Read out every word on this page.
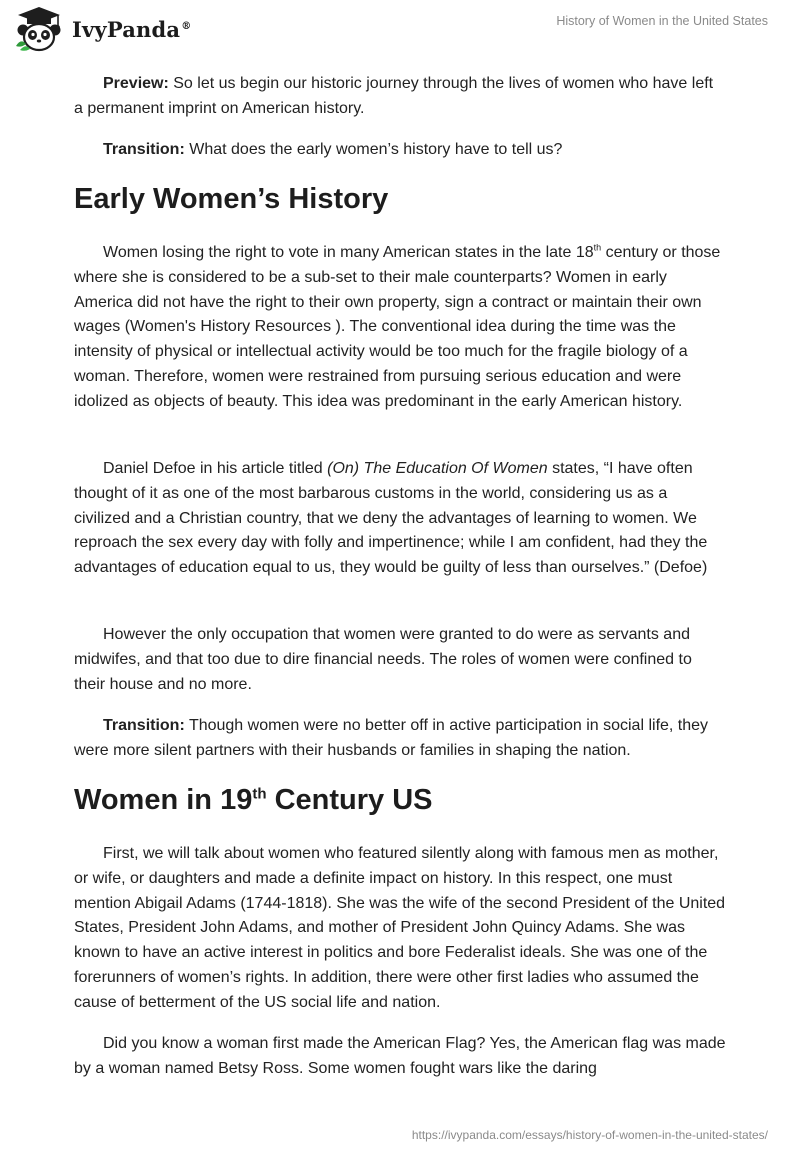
IvyPanda®	History of Women in the United States

Preview: So let us begin our historic journey through the lives of women who have left a permanent imprint on American history.

Transition: What does the early women’s history have to tell us?

Early Women’s History

Women losing the right to vote in many American states in the late 18th century or those where she is considered to be a sub-set to their male counterparts? Women in early America did not have the right to their own property, sign a contract or maintain their own wages (Women's History Resources ). The conventional idea during the time was the intensity of physical or intellectual activity would be too much for the fragile biology of a woman. Therefore, women were restrained from pursuing serious education and were idolized as objects of beauty. This idea was predominant in the early American history.

Daniel Defoe in his article titled (On) The Education Of Women states, “I have often thought of it as one of the most barbarous customs in the world, considering us as a civilized and a Christian country, that we deny the advantages of learning to women. We reproach the sex every day with folly and impertinence; while I am confident, had they the advantages of education equal to us, they would be guilty of less than ourselves.” (Defoe)

However the only occupation that women were granted to do were as servants and midwifes, and that too due to dire financial needs. The roles of women were confined to their house and no more.

Transition: Though women were no better off in active participation in social life, they were more silent partners with their husbands or families in shaping the nation.

Women in 19th Century US

First, we will talk about women who featured silently along with famous men as mother, or wife, or daughters and made a definite impact on history. In this respect, one must mention Abigail Adams (1744-1818). She was the wife of the second President of the United States, President John Adams, and mother of President John Quincy Adams. She was known to have an active interest in politics and bore Federalist ideals. She was one of the forerunners of women’s rights. In addition, there were other first ladies who assumed the cause of betterment of the US social life and nation.

Did you know a woman first made the American Flag? Yes, the American flag was made by a woman named Betsy Ross. Some women fought wars like the daring

https://ivypanda.com/essays/history-of-women-in-the-united-states/
